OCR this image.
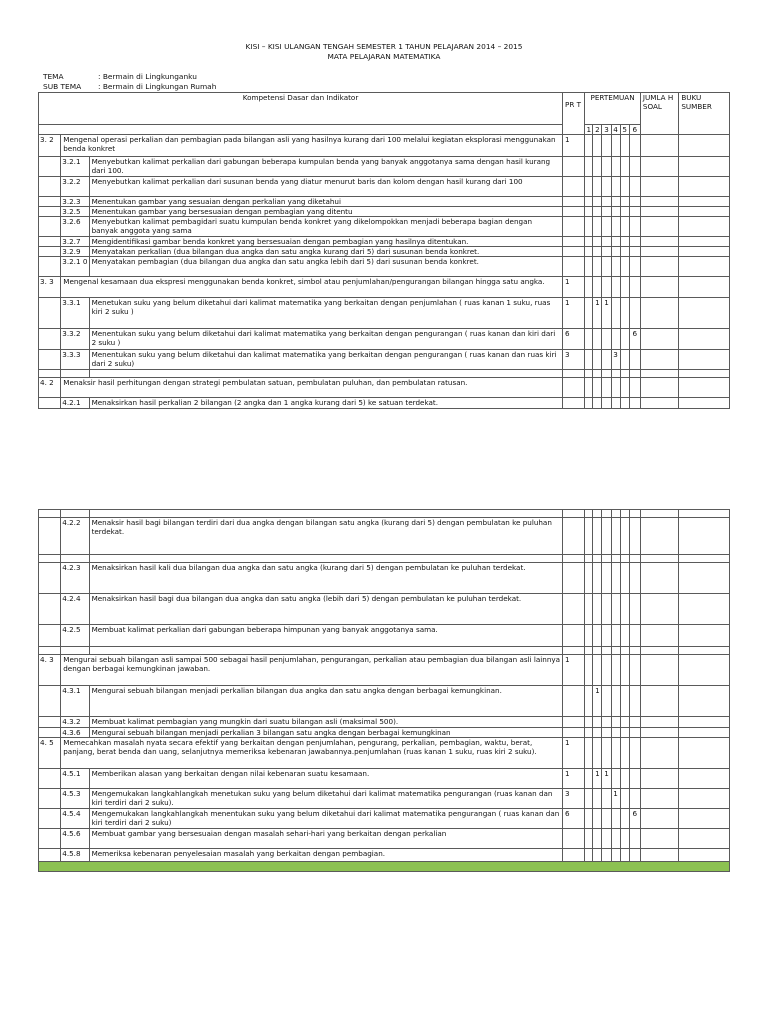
KISI – KISI ULANGAN TENGAH SEMESTER 1 TAHUN PELAJARAN 2014 – 2015
MATA PELAJARAN MATEMATIKA
TEMA	: Bermain di Lingkunganku
SUB TEMA : Bermain di Lingkungan Rumah
Kompetensi Dasar dan Indikator			PR T	PERTEMUAN						JUMLA H SOAL	BUKU SUMBER
				1	2	3	4	5	6		
3. 2	Mengenal operasi perkalian dan pembagian pada bilangan asli yang hasilnya kurang dari 100 melalui kegiatan eksplorasi menggunakan benda konkret		1								
	3.2.1	Menyebutkan kalimat perkalian dari gabungan beberapa kumpulan benda yang banyak anggotanya sama dengan hasil kurang dari 100.									
	3.2.2	Menyebutkan kalimat perkalian dari susunan benda yang diatur menurut baris dan kolom dengan hasil kurang dari 100									
	3.2.3	Menentukan gambar yang sesuaian dengan perkalian yang diketahui									
	3.2.5	Menentukan gambar yang bersesuaian dengan pembagian yang ditentu									
	3.2.6	Menyebutkan kalimat pembagidari suatu kumpulan benda konkret yang dikelompokkan menjadi beberapa bagian dengan banyak anggota yang sama									
	3.2.7	Mengidentifikasi gambar benda konkret yang bersesuaian dengan pembagian yang hasilnya ditentukan.									
	3.2.9	Menyatakan perkalian (dua bilangan dua angka dan satu angka kurang dari 5) dari susunan benda konkret.									
	3.2.1 0	Menyatakan pembagian (dua bilangan dua angka dan satu angka lebih dari 5) dari susunan benda konkret.									
3. 3	Mengenal kesamaan dua ekspresi menggunakan benda konkret, simbol atau penjumlahan/pengurangan bilangan hingga satu angka.		1								
	3.3.1	Menetukan suku yang belum diketahui dari kalimat matematika yang berkaitan dengan penjumlahan ( ruas kanan 1 suku, ruas kiri 2 suku )	1		1	1					
	3.3.2	Menentukan suku yang belum diketahui dari kalimat matematika yang berkaitan dengan pengurangan ( ruas kanan dan kiri dari 2 suku )	6						6		
	3.3.3	Menentukan suku yang belum diketahui dan kalimat matematika yang berkaitan dengan pengurangan ( ruas kanan dan ruas kiri dari 2 suku)	3				3				

4. 2	Menaksir hasil perhitungan dengan strategi pembulatan satuan, pembulatan puluhan, dan pembulatan ratusan.										
	4.2.1	Menaksirkan hasil perkalian 2 bilangan (2 angka dan 1 angka kurang dari 5) ke satuan terdekat.									

	4.2.2	Menaksir hasil bagi bilangan terdiri dari dua angka dengan bilangan satu angka (kurang dari 5) dengan pembulatan ke puluhan terdekat.									

	4.2.3	Menaksirkan hasil kali dua bilangan dua angka dan satu angka (kurang dari 5) dengan pembulatan ke puluhan terdekat.									
	4.2.4	Menaksirkan hasil bagi dua bilangan dua angka dan satu angka (lebih dari 5) dengan pembulatan ke puluhan terdekat.									
	4.2.5	Membuat kalimat perkalian dari gabungan beberapa himpunan yang banyak anggotanya sama.									

4. 3	Mengurai sebuah bilangan asli sampai 500 sebagai hasil penjumlahan, pengurangan, perkalian atau pembagian dua bilangan asli lainnya dengan berbagai kemungkinan jawaban.		1								
	4.3.1	Mengurai sebuah bilangan menjadi perkalian bilangan dua angka dan satu angka dengan berbagai kemungkinan.			1						
	4.3.2	Membuat kalimat pembagian yang mungkin dari suatu bilangan asli (maksimal 500).									
	4.3.6	Mengurai sebuah bilangan menjadi perkalian 3 bilangan satu angka dengan berbagai kemungkinan									
4. 5	Memecahkan masalah nyata secara efektif yang berkaitan dengan penjumlahan, pengurang, perkalian, pembagian, waktu, berat, panjang, berat benda dan uang, selanjutnya memeriksa kebenaran jawabannya.penjumlahan (ruas kanan 1 suku, ruas kiri 2 suku).		1								
	4.5.1	Memberikan alasan yang berkaitan dengan nilai kebenaran suatu kesamaan.	1		1	1					
	4.5.3	Mengemukakan langkahlangkah menetukan suku yang belum diketahui dari kalimat matematika pengurangan (ruas kanan dan kiri terdiri dari 2 suku).	3				1				
	4.5.4	Mengemukakan langkahlangkah menentukan suku yang belum diketahui dari kalimat matematika pengurangan ( ruas kanan dan kiri terdiri dari 2 suku)	6						6		
	4.5.6	Membuat gambar yang bersesuaian dengan masalah sehari-hari yang berkaitan dengan perkalian									
	4.5.8	Memeriksa kebenaran penyelesaian masalah yang berkaitan dengan pembagian.									
